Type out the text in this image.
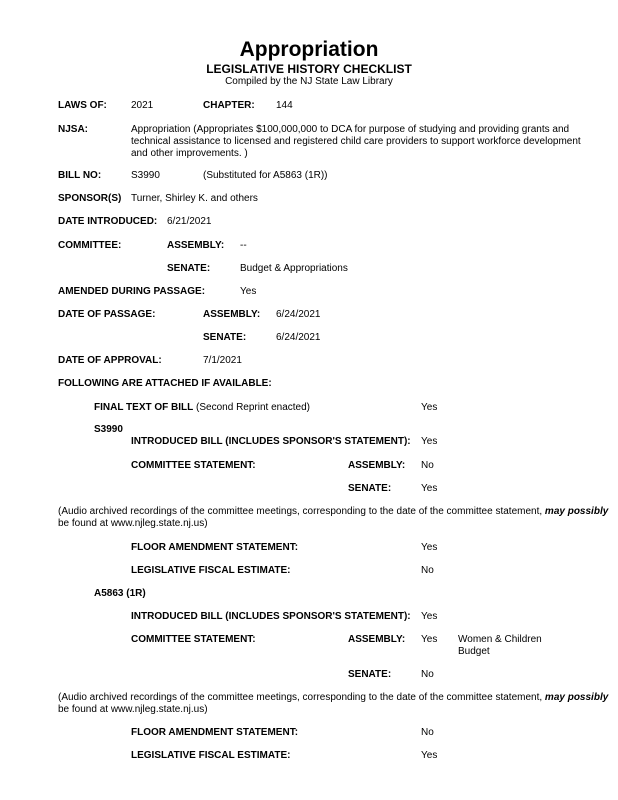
Appropriation
LEGISLATIVE HISTORY CHECKLIST
Compiled by the NJ State Law Library
LAWS OF: 2021	CHAPTER: 144
NJSA:	Appropriation (Appropriates $100,000,000 to DCA for purpose of studying and providing grants and technical assistance to licensed and registered child care providers to support workforce development and other improvements. )
BILL NO:	S3990	(Substituted for A5863 (1R))
SPONSOR(S) Turner, Shirley K. and others
DATE INTRODUCED: 6/21/2021
COMMITTEE:	ASSEMBLY: --
SENATE:	Budget & Appropriations
AMENDED DURING PASSAGE:	Yes
DATE OF PASSAGE:	ASSEMBLY: 6/24/2021
SENATE:	6/24/2021
DATE OF APPROVAL:	7/1/2021
FOLLOWING ARE ATTACHED IF AVAILABLE:
FINAL TEXT OF BILL (Second Reprint enacted)	Yes
S3990
INTRODUCED BILL (INCLUDES SPONSOR'S STATEMENT): Yes
COMMITTEE STATEMENT:	ASSEMBLY: No
SENATE:	Yes
(Audio archived recordings of the committee meetings, corresponding to the date of the committee statement, may possibly
be found at www.njleg.state.nj.us)
FLOOR AMENDMENT STATEMENT:	Yes
LEGISLATIVE FISCAL ESTIMATE:	No
A5863 (1R)
INTRODUCED BILL (INCLUDES SPONSOR'S STATEMENT): Yes
COMMITTEE STATEMENT:	ASSEMBLY: Yes Women & Children
Budget
SENATE:	No
(Audio archived recordings of the committee meetings, corresponding to the date of the committee statement, may possibly
be found at www.njleg.state.nj.us)
FLOOR AMENDMENT STATEMENT:	No
LEGISLATIVE FISCAL ESTIMATE:	Yes
